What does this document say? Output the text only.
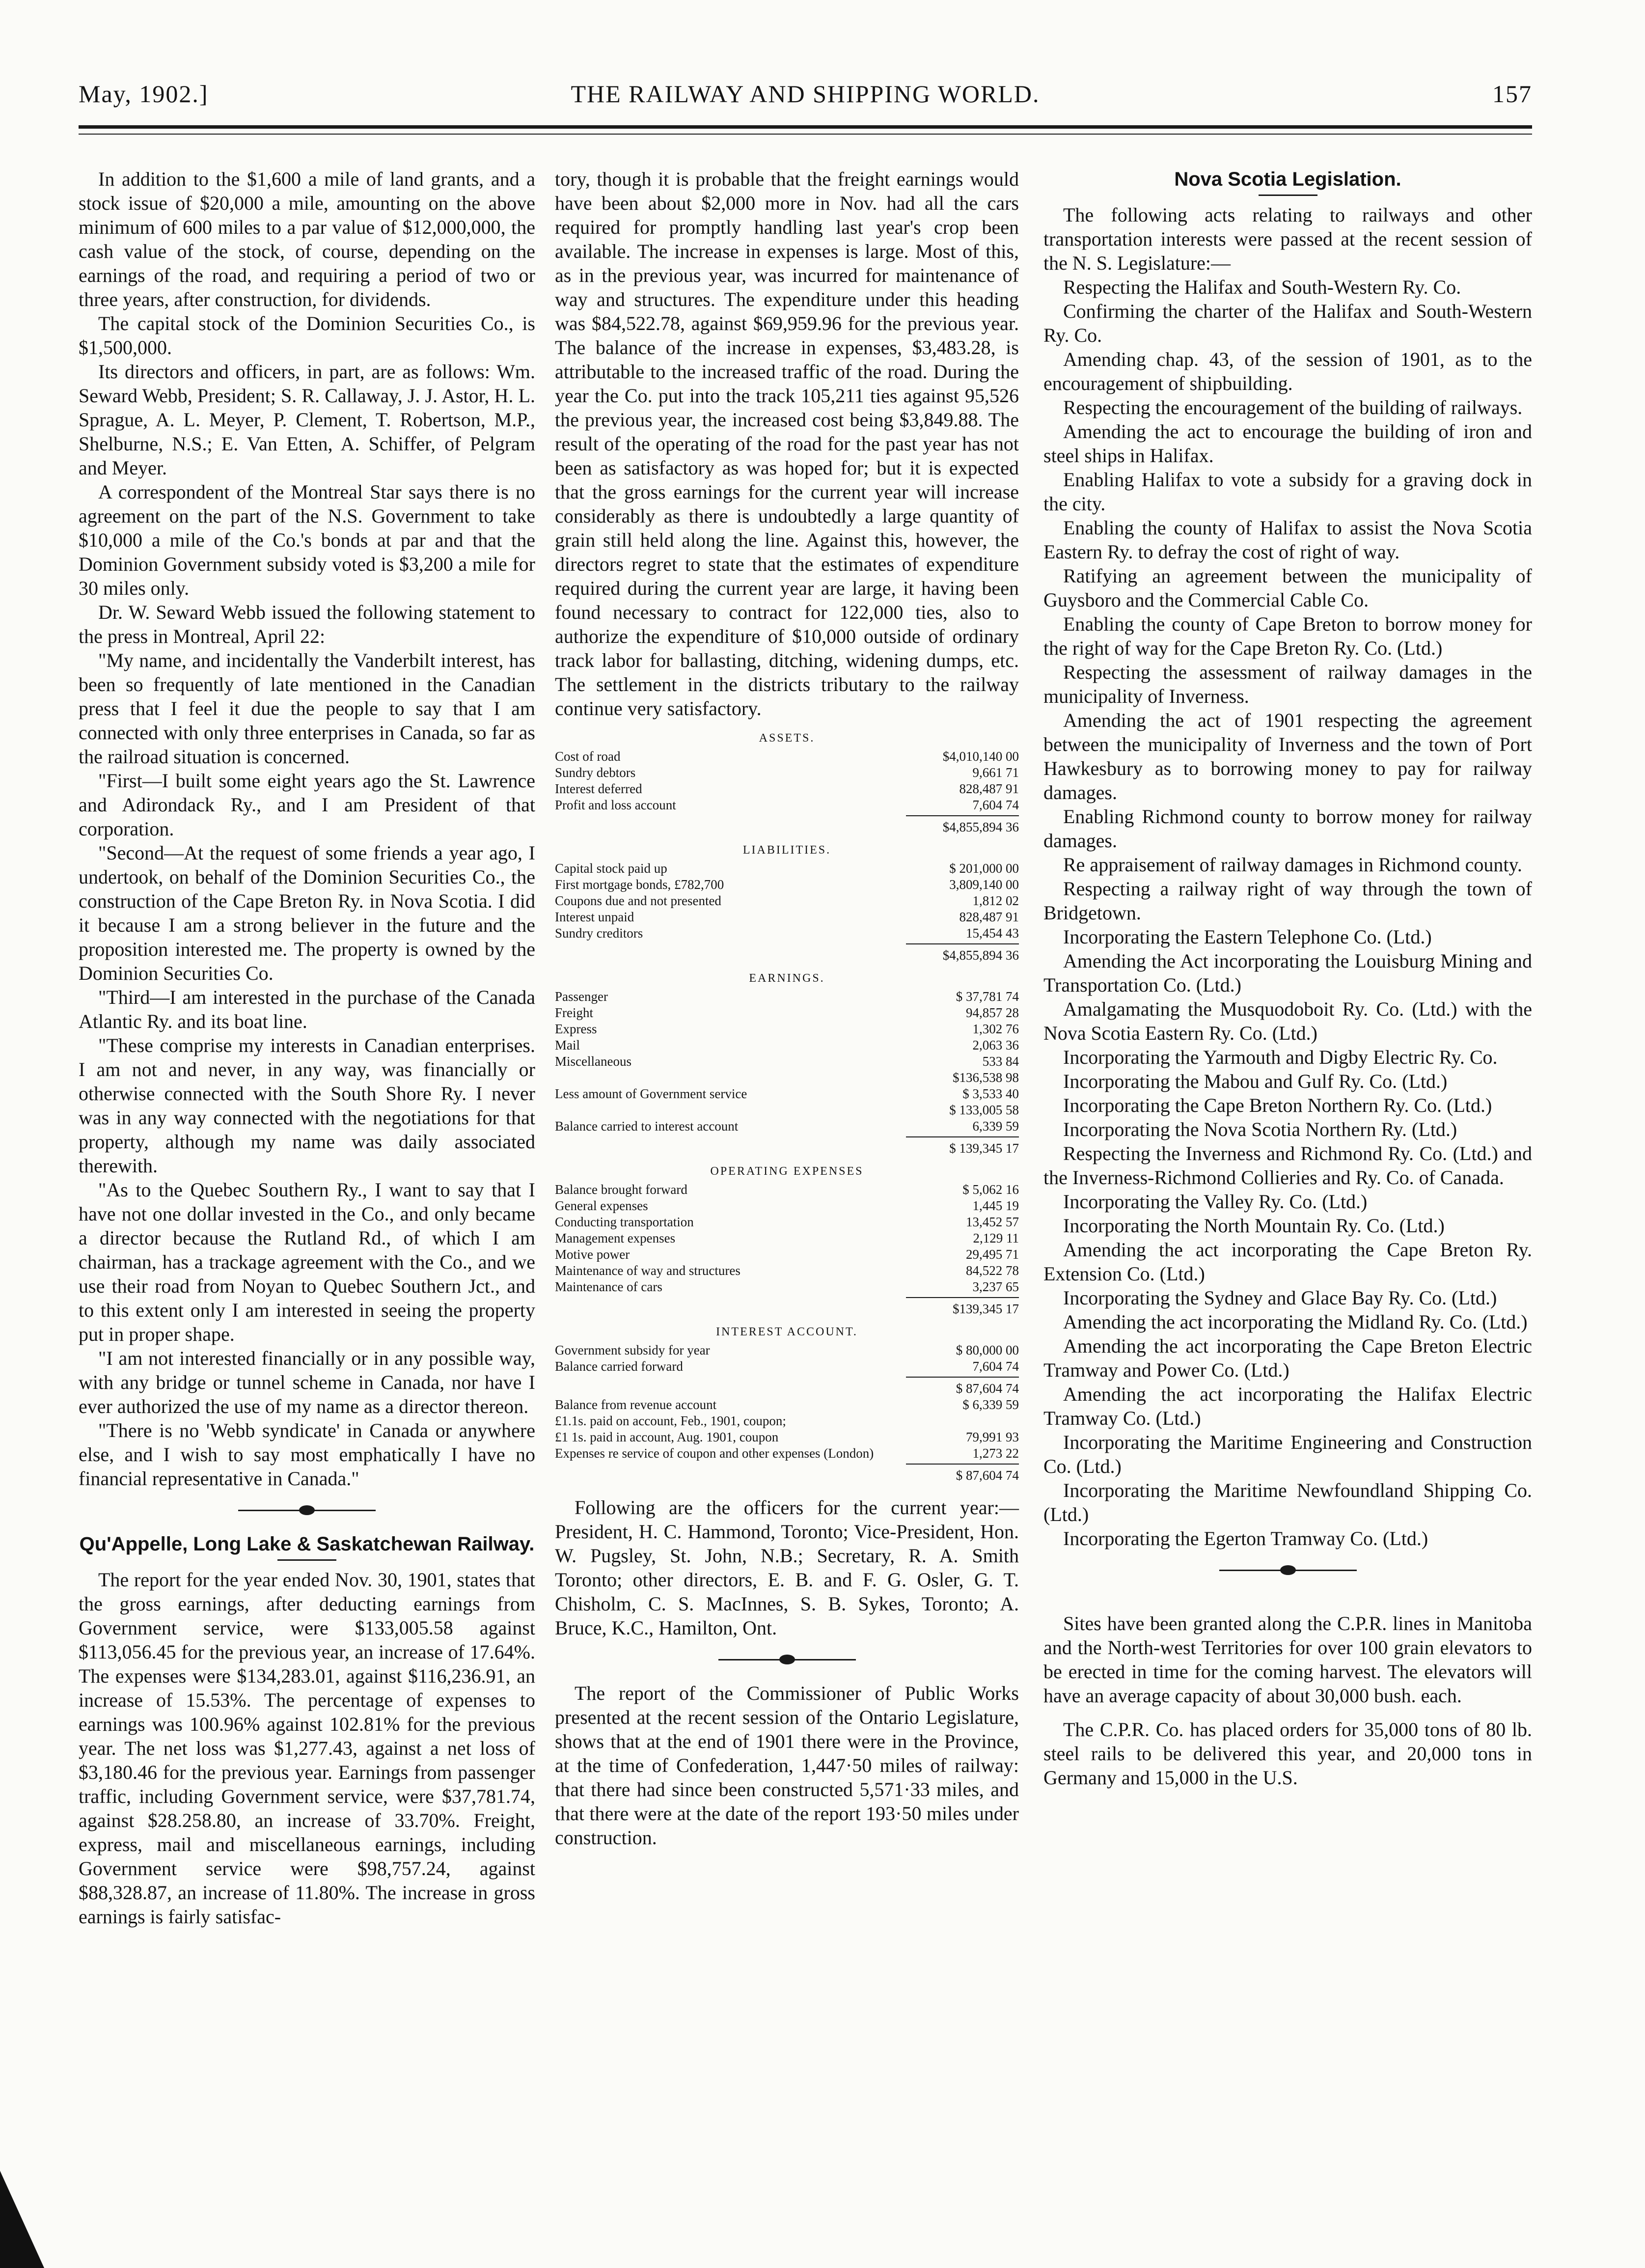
May, 1902.]	THE RAILWAY AND SHIPPING WORLD.	157

In addition to the $1,600 a mile of land grants, and a stock issue of $20,000 a mile, amounting on the above minimum of 600 miles to a par value of $12,000,000, the cash value of the stock, of course, depending on the earnings of the road, and requiring a period of two or three years, after construction, for dividends.

The capital stock of the Dominion Securities Co., is $1,500,000.

Its directors and officers, in part, are as follows: Wm. Seward Webb, President; S. R. Callaway, J. J. Astor, H. L. Sprague, A. L. Meyer, P. Clement, T. Robertson, M.P., Shelburne, N.S.; E. Van Etten, A. Schiffer, of Pelgram and Meyer.

A correspondent of the Montreal Star says there is no agreement on the part of the N.S. Government to take $10,000 a mile of the Co.'s bonds at par and that the Dominion Government subsidy voted is $3,200 a mile for 30 miles only.

Dr. W. Seward Webb issued the following statement to the press in Montreal, April 22:

"My name, and incidentally the Vanderbilt interest, has been so frequently of late mentioned in the Canadian press that I feel it due the people to say that I am connected with only three enterprises in Canada, so far as the railroad situation is concerned.

"First—I built some eight years ago the St. Lawrence and Adirondack Ry., and I am President of that corporation.

"Second—At the request of some friends a year ago, I undertook, on behalf of the Dominion Securities Co., the construction of the Cape Breton Ry. in Nova Scotia. I did it because I am a strong believer in the future and the proposition interested me. The property is owned by the Dominion Securities Co.

"Third—I am interested in the purchase of the Canada Atlantic Ry. and its boat line.

"These comprise my interests in Canadian enterprises. I am not and never, in any way, was financially or otherwise connected with the South Shore Ry. I never was in any way connected with the negotiations for that property, although my name was daily associated therewith.

"As to the Quebec Southern Ry., I want to say that I have not one dollar invested in the Co., and only became a director because the Rutland Rd., of which I am chairman, has a trackage agreement with the Co., and we use their road from Noyan to Quebec Southern Jct., and to this extent only I am interested in seeing the property put in proper shape.

"I am not interested financially or in any possible way, with any bridge or tunnel scheme in Canada, nor have I ever authorized the use of my name as a director thereon.

"There is no 'Webb syndicate' in Canada or anywhere else, and I wish to say most emphatically I have no financial representative in Canada."

Qu'Appelle, Long Lake & Saskatchewan Railway.

The report for the year ended Nov. 30, 1901, states that the gross earnings, after deducting earnings from Government service, were $133,005.58 against $113,056.45 for the previous year, an increase of 17.64%. The expenses were $134,283.01, against $116,236.91, an increase of 15.53%. The percentage of expenses to earnings was 100.96% against 102.81% for the previous year. The net loss was $1,277.43, against a net loss of $3,180.46 for the previous year. Earnings from passenger traffic, including Government service, were $37,781.74, against $28.258.80, an increase of 33.70%. Freight, express, mail and miscellaneous earnings, including Government service were $98,757.24, against $88,328.87, an increase of 11.80%. The increase in gross earnings is fairly satisfac-

tory, though it is probable that the freight earnings would have been about $2,000 more in Nov. had all the cars required for promptly handling last year's crop been available. The increase in expenses is large. Most of this, as in the previous year, was incurred for maintenance of way and structures. The expenditure under this heading was $84,522.78, against $69,959.96 for the previous year. The balance of the increase in expenses, $3,483.28, is attributable to the increased traffic of the road. During the year the Co. put into the track 105,211 ties against 95,526 the previous year, the increased cost being $3,849.88. The result of the operating of the road for the past year has not been as satisfactory as was hoped for; but it is expected that the gross earnings for the current year will increase considerably as there is undoubtedly a large quantity of grain still held along the line. Against this, however, the directors regret to state that the estimates of expenditure required during the current year are large, it having been found necessary to contract for 122,000 ties, also to authorize the expenditure of $10,000 outside of ordinary track labor for ballasting, ditching, widening dumps, etc. The settlement in the districts tributary to the railway continue very satisfactory.

ASSETS.
Cost of road	$4,010,140 00
Sundry debtors	9,661 71
Interest deferred	828,487 91
Profit and loss account	7,604 74
$4,855,894 36
LIABILITIES.
Capital stock paid up	$ 201,000 00
First mortgage bonds, £782,700	3,809,140 00
Coupons due and not presented	1,812 02
Interest unpaid	828,487 91
Sundry creditors	15,454 43
$4,855,894 36
EARNINGS.
Passenger	$ 37,781 74
Freight	94,857 28
Express	1,302 76
Mail	2,063 36
Miscellaneous	533 84
$136,538 98
Less amount of Government service	$ 3,533 40
$ 133,005 58
Balance carried to interest account	6,339 59
$ 139,345 17
OPERATING EXPENSES
Balance brought forward	$ 5,062 16
General expenses	1,445 19
Conducting transportation	13,452 57
Management expenses	2,129 11
Motive power	29,495 71
Maintenance of way and structures	84,522 78
Maintenance of cars	3,237 65
$139,345 17
INTEREST ACCOUNT.
Government subsidy for year	$ 80,000 00
Balance carried forward	7,604 74
$ 87,604 74
Balance from revenue account	$ 6,339 59
£1.1s. paid on account, Feb., 1901, coupon;
£1 1s. paid in account, Aug. 1901, coupon	79,991 93
Expenses re service of coupon and other expenses (London)	1,273 22
$ 87,604 74

Following are the officers for the current year:—President, H. C. Hammond, Toronto; Vice-President, Hon. W. Pugsley, St. John, N.B.; Secretary, R. A. Smith Toronto; other directors, E. B. and F. G. Osler, G. T. Chisholm, C. S. MacInnes, S. B. Sykes, Toronto; A. Bruce, K.C., Hamilton, Ont.

The report of the Commissioner of Public Works presented at the recent session of the Ontario Legislature, shows that at the end of 1901 there were in the Province, at the time of Confederation, 1,447·50 miles of railway: that there had since been constructed 5,571·33 miles, and that there were at the date of the report 193·50 miles under construction.

Nova Scotia Legislation.

The following acts relating to railways and other transportation interests were passed at the recent session of the N. S. Legislature:—

Respecting the Halifax and South-Western Ry. Co.

Confirming the charter of the Halifax and South-Western Ry. Co.

Amending chap. 43, of the session of 1901, as to the encouragement of shipbuilding.

Respecting the encouragement of the building of railways.

Amending the act to encourage the building of iron and steel ships in Halifax.

Enabling Halifax to vote a subsidy for a graving dock in the city.

Enabling the county of Halifax to assist the Nova Scotia Eastern Ry. to defray the cost of right of way.

Ratifying an agreement between the municipality of Guysboro and the Commercial Cable Co.

Enabling the county of Cape Breton to borrow money for the right of way for the Cape Breton Ry. Co. (Ltd.)

Respecting the assessment of railway damages in the municipality of Inverness.

Amending the act of 1901 respecting the agreement between the municipality of Inverness and the town of Port Hawkesbury as to borrowing money to pay for railway damages.

Enabling Richmond county to borrow money for railway damages.

Re appraisement of railway damages in Richmond county.

Respecting a railway right of way through the town of Bridgetown.

Incorporating the Eastern Telephone Co. (Ltd.)

Amending the Act incorporating the Louisburg Mining and Transportation Co. (Ltd.)

Amalgamating the Musquodoboit Ry. Co. (Ltd.) with the Nova Scotia Eastern Ry. Co. (Ltd.)

Incorporating the Yarmouth and Digby Electric Ry. Co.

Incorporating the Mabou and Gulf Ry. Co. (Ltd.)

Incorporating the Cape Breton Northern Ry. Co. (Ltd.)

Incorporating the Nova Scotia Northern Ry. (Ltd.)

Respecting the Inverness and Richmond Ry. Co. (Ltd.) and the Inverness-Richmond Collieries and Ry. Co. of Canada.

Incorporating the Valley Ry. Co. (Ltd.)

Incorporating the North Mountain Ry. Co. (Ltd.)

Amending the act incorporating the Cape Breton Ry. Extension Co. (Ltd.)

Incorporating the Sydney and Glace Bay Ry. Co. (Ltd.)

Amending the act incorporating the Midland Ry. Co. (Ltd.)

Amending the act incorporating the Cape Breton Electric Tramway and Power Co. (Ltd.)

Amending the act incorporating the Halifax Electric Tramway Co. (Ltd.)

Incorporating the Maritime Engineering and Construction Co. (Ltd.)

Incorporating the Maritime Newfoundland Shipping Co. (Ltd.)

Incorporating the Egerton Tramway Co. (Ltd.)

Sites have been granted along the C.P.R. lines in Manitoba and the North-west Territories for over 100 grain elevators to be erected in time for the coming harvest. The elevators will have an average capacity of about 30,000 bush. each.

The C.P.R. Co. has placed orders for 35,000 tons of 80 lb. steel rails to be delivered this year, and 20,000 tons in Germany and 15,000 in the U.S.
